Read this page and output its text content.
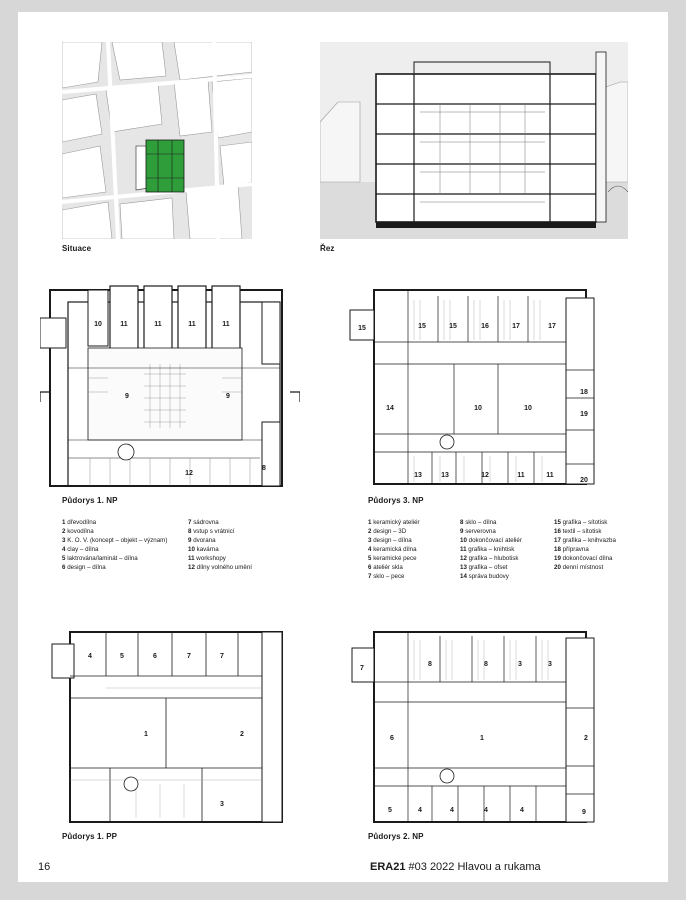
Situace	Řez
10	11	11	11	11
9	9
12
8
Půdorys 1. NP
15	15	15	16	17	17
18
19
14	10	10
13	13	12	11	11
20
Půdorys 3. NP
1 dřevodílna
2 kovodílna
3 K. O. V. (koncept – objekt – význam)
4 clay – dílna
5 laktrována/laminát – dílna
6 design – dílna
7 sádrovna
8 vstup s vrátnicí
9 dvorana
10 kavárna
11 workshopy
12 dílny volného umění
1 keramický ateliér
2 design – 3D
3 design – dílna
4 keramická dílna
5 keramické pece
6 ateliér skla
7 sklo – pece
8 sklo – dílna
9 serverovna
10 dokončovací ateliér
11 grafika – knihtisk
12 grafika – hlubotisk
13 grafika – ofset
14 správa budovy
15 grafika – sítotisk
16 textil – sítotisk
17 grafika – knihvazba
18 přípravna
19 dokončovací dílna
20 denní místnost
4	5	6	7	7
1	2
3
Půdorys 1. PP
7
8	8	3	3
6	1	2
5	4	4	4	4	9
Půdorys 2. NP
16	ERA21 #03 2022 Hlavou a rukama
